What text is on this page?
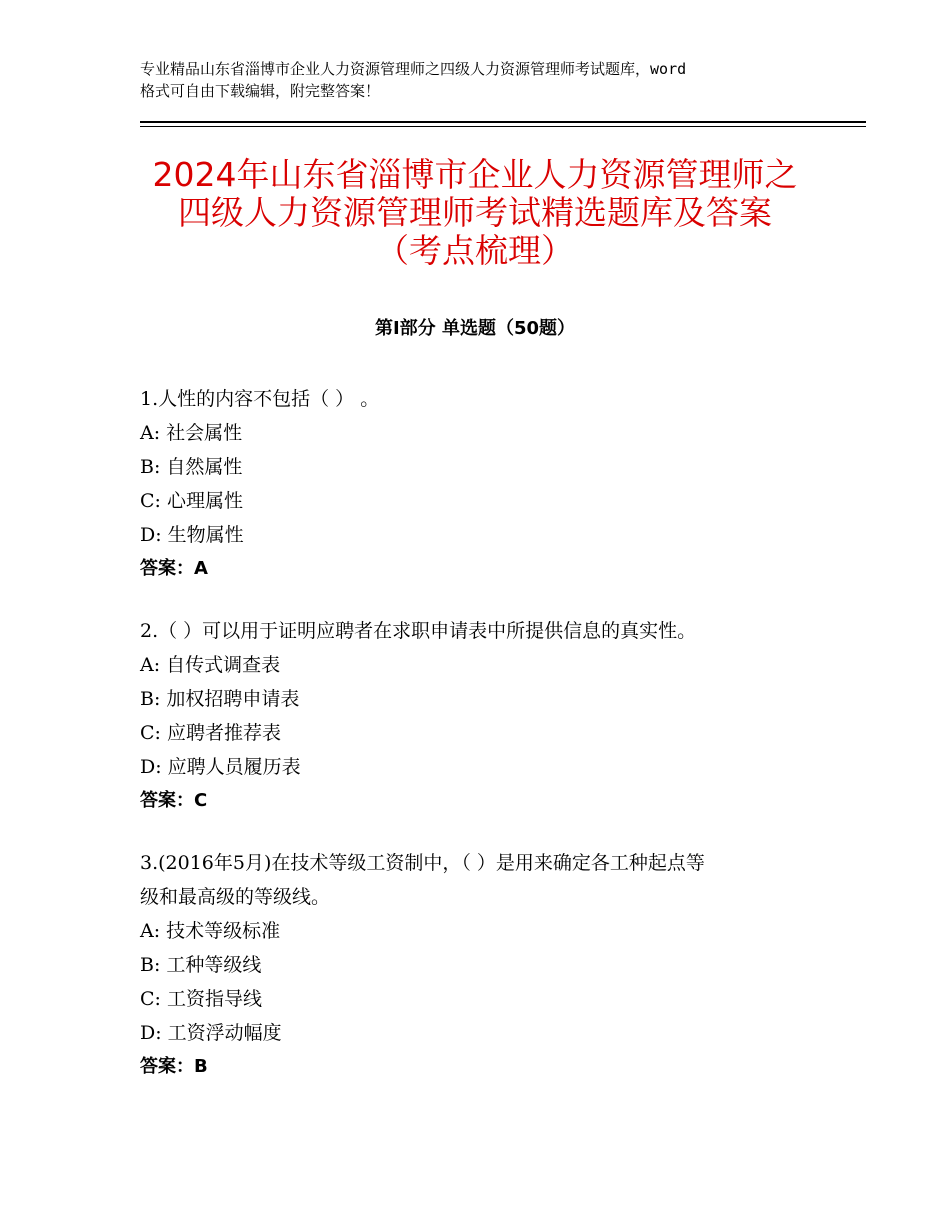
专业精品山东省淄博市企业人力资源管理师之四级人力资源管理师考试题库，word
格式可自由下载编辑，附完整答案！
2024年山东省淄博市企业人力资源管理师之
四级人力资源管理师考试精选题库及答案
（考点梳理）
第Ⅰ部分 单选题（50题）
1.人性的内容不包括（ ） 。
A: 社会属性
B: 自然属性
C: 心理属性
D: 生物属性
答案：A
2.（ ）可以用于证明应聘者在求职申请表中所提供信息的真实性。
A: 自传式调查表
B: 加权招聘申请表
C: 应聘者推荐表
D: 应聘人员履历表
答案：C
3.(2016年5月)在技术等级工资制中，（ ）是用来确定各工种起点等
级和最高级的等级线。
A: 技术等级标准
B: 工种等级线
C: 工资指导线
D: 工资浮动幅度
答案：B
